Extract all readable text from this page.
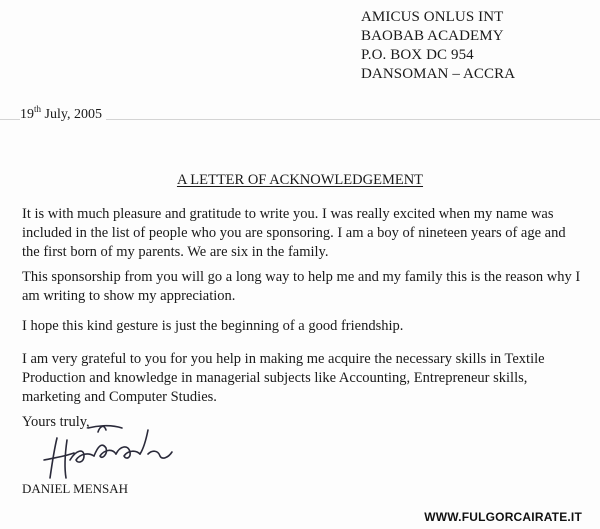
AMICUS ONLUS INT
BAOBAB ACADEMY
P.O. BOX DC 954
DANSOMAN – ACCRA
19th July, 2005
A LETTER OF ACKNOWLEDGEMENT
It is with much pleasure and gratitude to write you. I was really excited when my name was
included in the list of people who you are sponsoring. I am a boy of nineteen years of age and
the first born of my parents. We are six in the family.
This sponsorship from you will go a long way to help me and my family this is the reason why I
am writing to show my appreciation.
I hope this kind gesture is just the beginning of a good friendship.
I am very grateful to you for you help in making me acquire the necessary skills in Textile
Production and knowledge in managerial subjects like Accounting, Entrepreneur skills,
marketing and Computer Studies.
Yours truly,
DANIEL MENSAH
WWW.FULGORCAIRATE.IT
